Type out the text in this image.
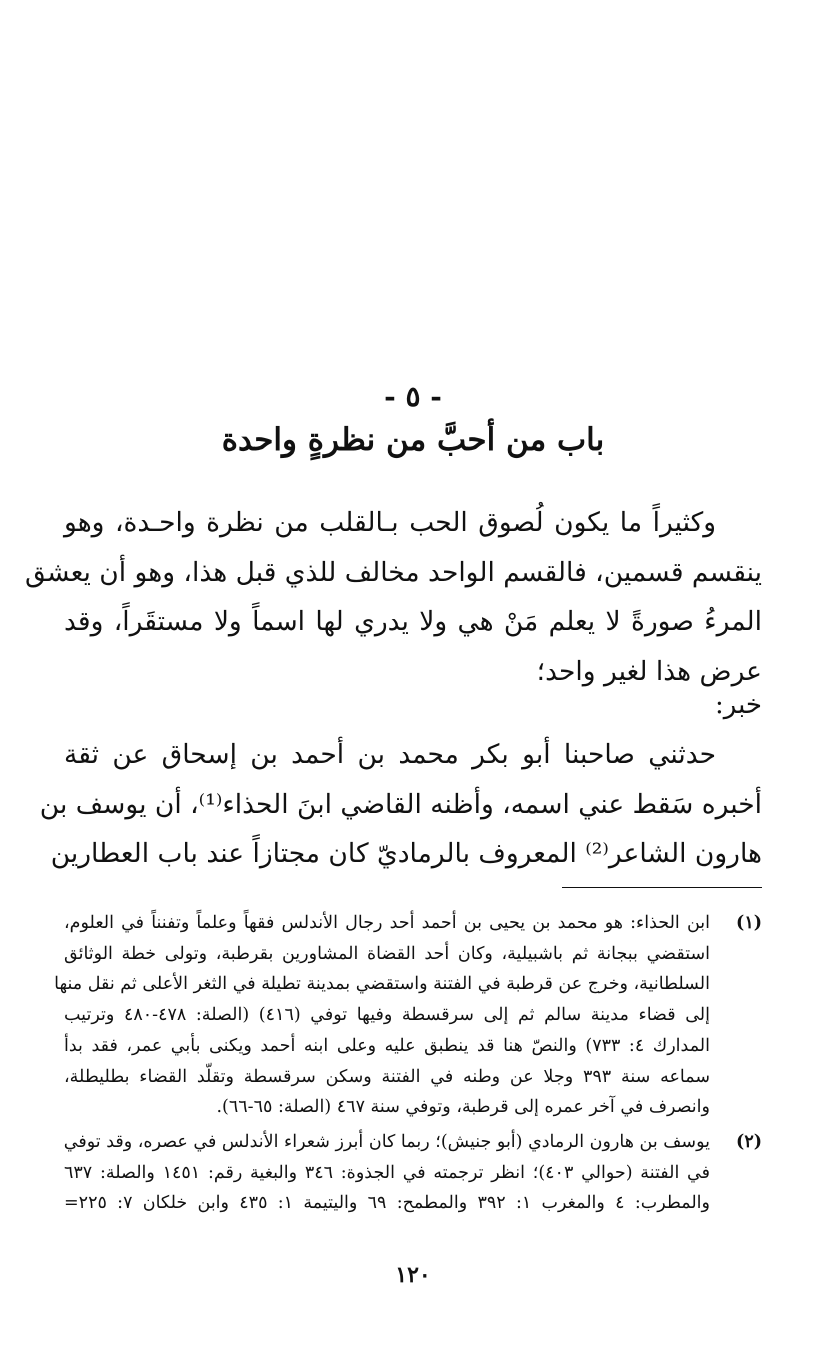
- ٥ -
باب من أحبَّ من نظرةٍ واحدة
وكثيراً ما يكون لُصوق الحب بـالقلب من نظرة واحـدة، وهو
ينقسم قسمين، فالقسم الواحد مخالف للذي قبل هذا، وهو أن يعشق
المرءُ صورةً لا يعلم مَنْ هي ولا يدري لها اسماً ولا مستقَراً، وقد
عرض هذا لغير واحد؛
خبر:
حدثني صاحبنا أبو بكر محمد بن أحمد بن إسحاق عن ثقة
أخبره سَقط عني اسمه، وأظنه القاضي ابنَ الحذاء⁽¹⁾، أن يوسف بن
هارون الشاعر⁽²⁾ المعروف بالرماديّ كان مجتازاً عند باب العطارين
(١)
ابن الحذاء: هو محمد بن يحيى بن أحمد أحد رجال الأندلس فقهاً وعلماً وتفنناً في العلوم،
استقضي ببجانة ثم باشبيلية، وكان أحد القضاة المشاورين بقرطبة، وتولى خطة الوثائق
السلطانية، وخرج عن قرطبة في الفتنة واستقضي بمدينة تطيلة في الثغر الأعلى ثم نقل منها
إلى قضاء مدينة سالم ثم إلى سرقسطة وفيها توفي (٤١٦) (الصلة: ٤٧٨-٤٨٠ وترتيب
المدارك ٤: ٧٣٣) والنصّ هنا قد ينطبق عليه وعلى ابنه أحمد ويكنى بأبي عمر، فقد بدأ
سماعه سنة ٣٩٣ وجلا عن وطنه في الفتنة وسكن سرقسطة وتقلّد القضاء بطليطلة،
وانصرف في آخر عمره إلى قرطبة، وتوفي سنة ٤٦٧ (الصلة: ٦٥-٦٦).
(٢)
يوسف بن هارون الرمادي (أبو جنيش)؛ ربما كان أبرز شعراء الأندلس في عصره، وقد توفي
في الفتنة (حوالي ٤٠٣)؛ انظر ترجمته في الجذوة: ٣٤٦ والبغية رقم: ١٤٥١ والصلة: ٦٣٧
والمطرب: ٤ والمغرب ١: ٣٩٢ والمطمح: ٦٩ واليتيمة ١: ٤٣٥ وابن خلكان ٧: ٢٢٥=
١٢٠
